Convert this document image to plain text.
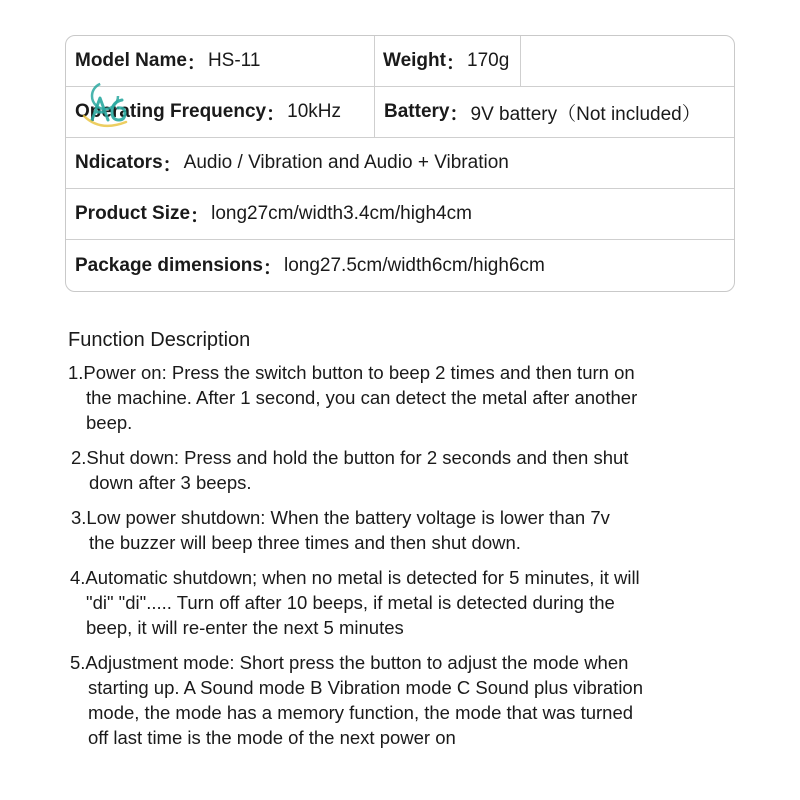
Model Name ： HS-11	Weight ： 170g
Operating Frequency ： 10kHz Battery ： 9V battery（Not included）
Ndicators ： Audio / Vibration and Audio + Vibration
Product Size ： long27cm/width3.4cm/high4cm
Package dimensions ： long27.5cm/width6cm/high6cm
Function Description
1.Power on: Press the switch button to beep 2 times and then turn on
the machine. After 1 second, you can detect the metal after another
beep.
2.Shut down: Press and hold the button for 2 seconds and then shut
down after 3 beeps.
3.Low power shutdown: When the battery voltage is lower than 7v
the buzzer will beep three times and then shut down.
4.Automatic shutdown; when no metal is detected for 5 minutes, it will
"di" "di"..... Turn off after 10 beeps, if metal is detected during the
beep, it will re-enter the next 5 minutes
5.Adjustment mode: Short press the button to adjust the mode when
starting up. A Sound mode B Vibration mode C Sound plus vibration
mode, the mode has a memory function, the mode that was turned
off last time is the mode of the next power on
